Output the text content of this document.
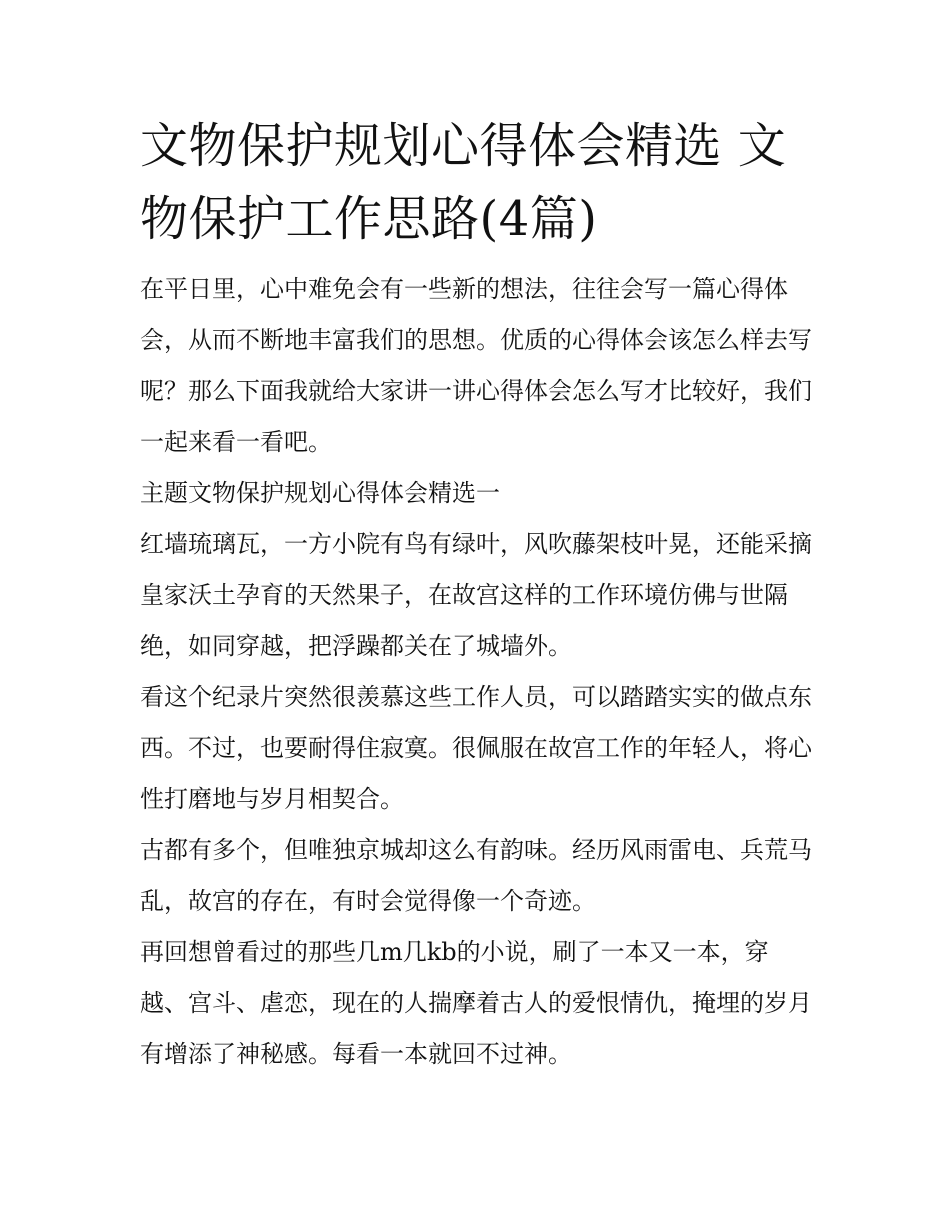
文物保护规划心得体会精选 文物保护工作思路(4篇)

在平日里，心中难免会有一些新的想法，往往会写一篇心得体会，从而不断地丰富我们的思想。优质的心得体会该怎么样去写呢？那么下面我就给大家讲一讲心得体会怎么写才比较好，我们一起来看一看吧。

主题文物保护规划心得体会精选一

红墙琉璃瓦，一方小院有鸟有绿叶，风吹藤架枝叶晃，还能采摘皇家沃土孕育的天然果子，在故宫这样的工作环境仿佛与世隔绝，如同穿越，把浮躁都关在了城墙外。

看这个纪录片突然很羡慕这些工作人员，可以踏踏实实的做点东西。不过，也要耐得住寂寞。很佩服在故宫工作的年轻人，将心性打磨地与岁月相契合。

古都有多个，但唯独京城却这么有韵味。经历风雨雷电、兵荒马乱，故宫的存在，有时会觉得像一个奇迹。

再回想曾看过的那些几m几kb的小说，刷了一本又一本，穿越、宫斗、虐恋，现在的人揣摩着古人的爱恨情仇，掩埋的岁月有增添了神秘感。每看一本就回不过神。
